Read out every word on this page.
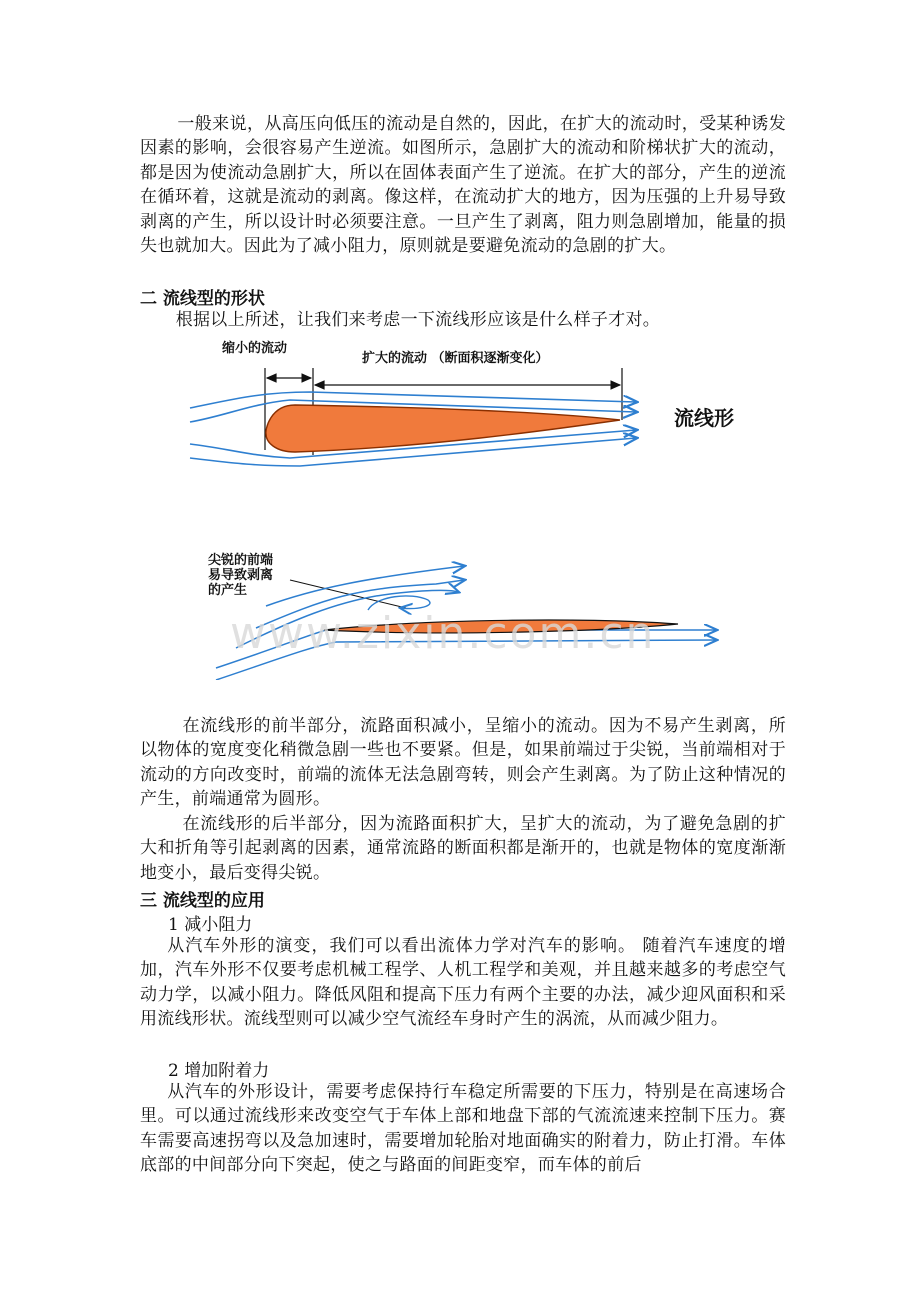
一般来说，从高压向低压的流动是自然的，因此，在扩大的流动时，受某种诱发因素的影响，会很容易产生逆流。如图所示，急剧扩大的流动和阶梯状扩大的流动，都是因为使流动急剧扩大，所以在固体表面产生了逆流。在扩大的部分，产生的逆流在循环着，这就是流动的剥离。像这样，在流动扩大的地方，因为压强的上升易导致剥离的产生，所以设计时必须要注意。一旦产生了剥离，阻力则急剧增加，能量的损失也就加大。因此为了减小阻力，原则就是要避免流动的急剧的扩大。

二 流线型的形状

根据以上所述，让我们来考虑一下流线形应该是什么样子才对。

缩小的流动
扩大的流动 （断面积逐渐变化）
流线形
尖锐的前端
易导致剥离
的产生
www.zixin.com.cn

在流线形的前半部分，流路面积减小，呈缩小的流动。因为不易产生剥离，所以物体的宽度变化稍微急剧一些也不要紧。但是，如果前端过于尖锐，当前端相对于流动的方向改变时，前端的流体无法急剧弯转，则会产生剥离。为了防止这种情况的产生，前端通常为圆形。

在流线形的后半部分，因为流路面积扩大，呈扩大的流动，为了避免急剧的扩大和折角等引起剥离的因素，通常流路的断面积都是渐开的，也就是物体的宽度渐渐地变小，最后变得尖锐。

三 流线型的应用

1 减小阻力

从汽车外形的演变，我们可以看出流体力学对汽车的影响。 随着汽车速度的增加，汽车外形不仅要考虑机械工程学、人机工程学和美观，并且越来越多的考虑空气动力学，以减小阻力。降低风阻和提高下压力有两个主要的办法，减少迎风面积和采用流线形状。流线型则可以减少空气流经车身时产生的涡流，从而减少阻力。

2 增加附着力

从汽车的外形设计，需要考虑保持行车稳定所需要的下压力，特别是在高速场合里。可以通过流线形来改变空气于车体上部和地盘下部的气流流速来控制下压力。赛车需要高速拐弯以及急加速时，需要增加轮胎对地面确实的附着力，防止打滑。车体底部的中间部分向下突起，使之与路面的间距变窄，而车体的前后
